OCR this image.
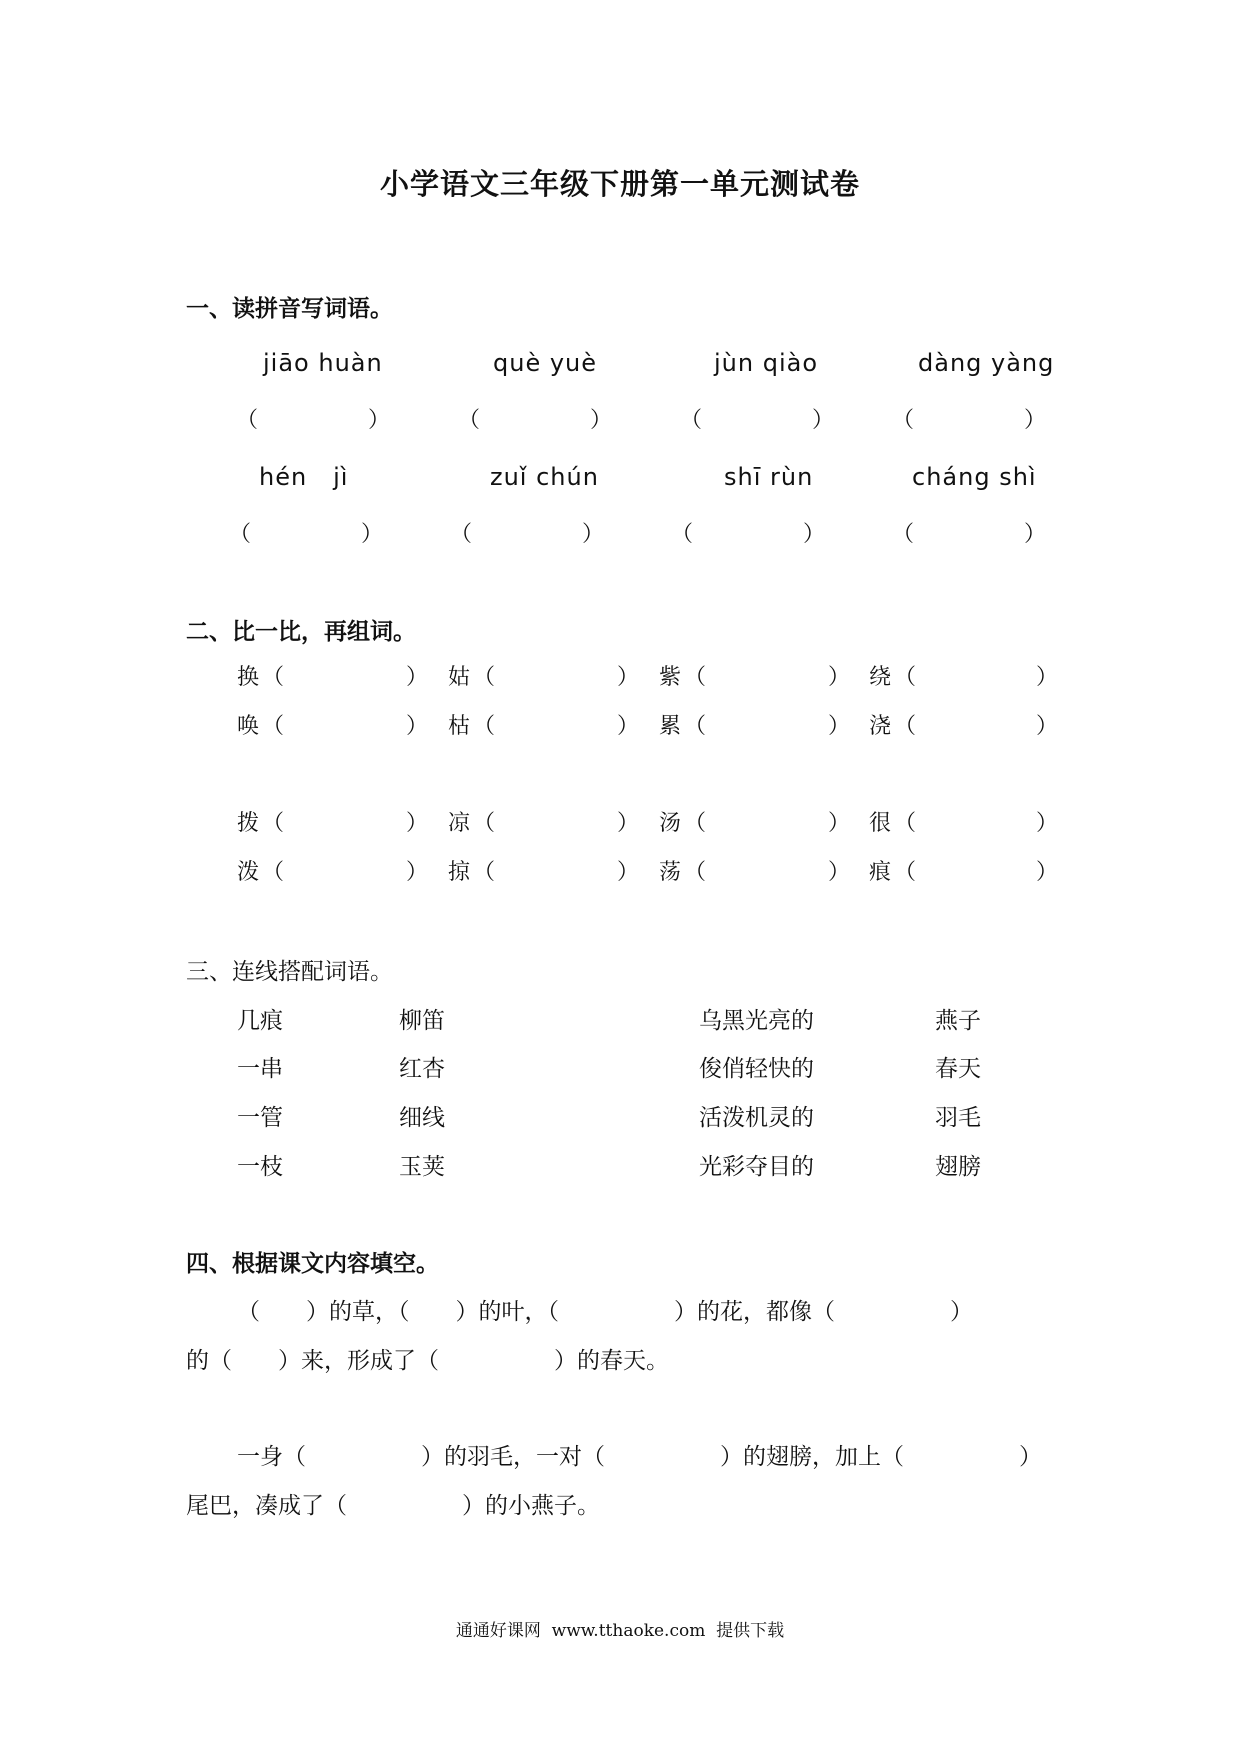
小学语文三年级下册第一单元测试卷
一、读拼音写词语。
jiāo huàn	què yuè	jùn qiào	dàng yàng
（　　　　　）	（　　　　　）	（　　　　　）	（　　　　　）
hén   jì	zuǐ chún	shī rùn	cháng shì
（　　　　　）	（　　　　　）	（　　　　　）	（　　　　　）
二、比一比，再组词。
换 （	） 姑 （	） 紫 （	） 绕 （	）
唤 （	） 枯 （	） 累 （	） 浇 （	）
拨 （	） 凉 （	） 汤 （	） 很 （	）
泼 （	） 掠 （	） 荡 （	） 痕 （	）
三、连线搭配词语。
几痕	柳笛	乌黑光亮的	燕子
一串	红杏	俊俏轻快的	春天
一管	细线	活泼机灵的	羽毛
一枝	玉荚	光彩夺目的	翅膀
四、根据课文内容填空。
（　　）的草，（　　）的叶，（　　　　　）的花，都像（　　　　　）
的（　　）来，形成了（　　　　　）的春天。
一身（　　　　　）的羽毛，一对（　　　　　）的翅膀，加上（　　　　　）
尾巴，凑成了（　　　　　）的小燕子。
通通好课网  www.tthaoke.com  提供下载
